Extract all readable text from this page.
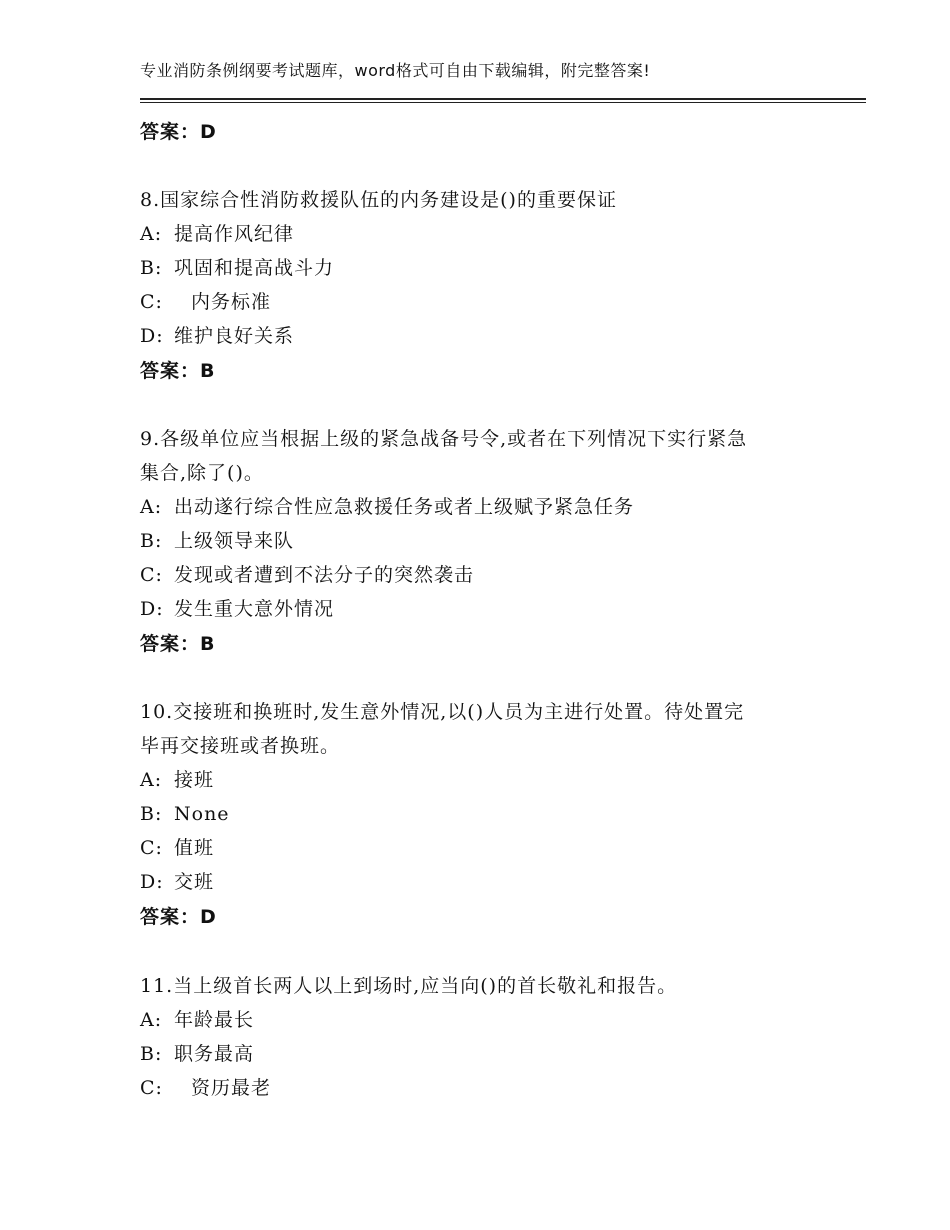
专业消防条例纲要考试题库，word格式可自由下载编辑，附完整答案!
答案：D
8.国家综合性消防救援队伍的内务建设是()的重要保证
A: 提高作风纪律
B: 巩固和提高战斗力
C: 内务标准
D: 维护良好关系
答案：B
9.各级单位应当根据上级的紧急战备号令,或者在下列情况下实行紧急
集合,除了()。
A: 出动遂行综合性应急救援任务或者上级赋予紧急任务
B: 上级领导来队
C: 发现或者遭到不法分子的突然袭击
D: 发生重大意外情况
答案：B
10.交接班和换班时,发生意外情况,以()人员为主进行处置。待处置完
毕再交接班或者换班。
A: 接班
B: None
C: 值班
D: 交班
答案：D
11.当上级首长两人以上到场时,应当向()的首长敬礼和报告。
A: 年龄最长
B: 职务最高
C: 资历最老
